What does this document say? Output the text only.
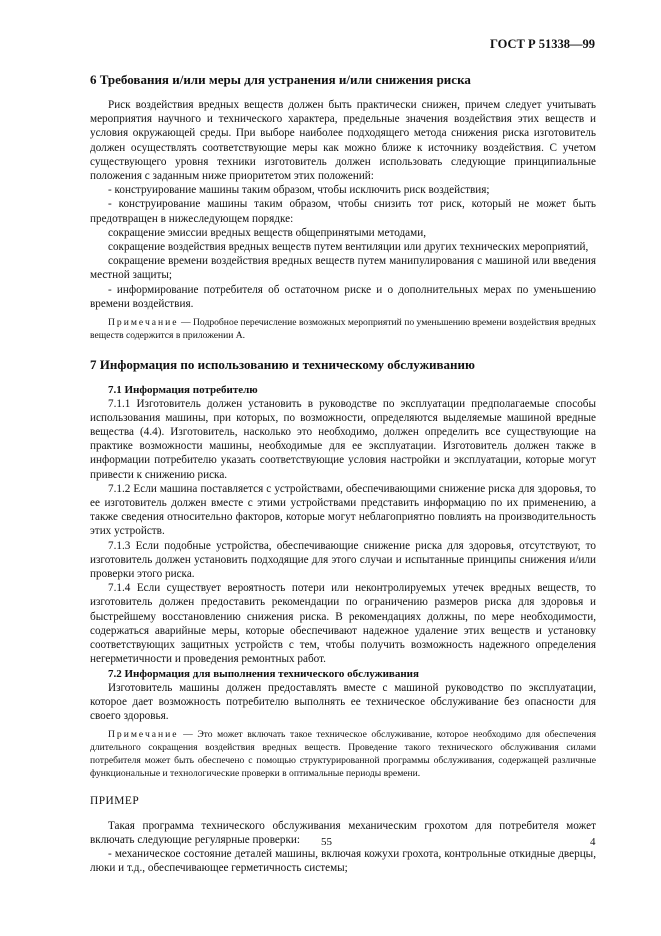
ГОСТ Р 51338—99
6 Требования и/или меры для устранения и/или снижения риска

Риск воздействия вредных веществ должен быть практически снижен, причем следует учитывать мероприятия научного и технического характера, предельные значения воздействия этих веществ и условия окружающей среды. При выборе наиболее подходящего метода снижения риска изготовитель должен осуществлять соответствующие меры как можно ближе к источнику воздействия. С учетом существующего уровня техники изготовитель должен использовать следующие принципиальные положения с заданным ниже приоритетом этих положений:

- конструирование машины таким образом, чтобы исключить риск воздействия;

- конструирование машины таким образом, чтобы снизить тот риск, который не может быть предотвращен в нижеследующем порядке:

сокращение эмиссии вредных веществ общепринятыми методами,

сокращение воздействия вредных веществ путем вентиляции или других технических мероприятий,

сокращение времени воздействия вредных веществ путем манипулирования с машиной или введения местной защиты;

- информирование потребителя об остаточном риске и о дополнительных мерах по уменьшению времени воздействия.

Примечание — Подробное перечисление возможных мероприятий по уменьшению времени воздействия вредных веществ содержится в приложении А.

7 Информация по использованию и техническому обслуживанию
7.1 Информация потребителю

7.1.1 Изготовитель должен установить в руководстве по эксплуатации предполагаемые способы использования машины, при которых, по возможности, определяются выделяемые машиной вредные вещества (4.4). Изготовитель, насколько это необходимо, должен определить все существующие на практике возможности машины, необходимые для ее эксплуатации. Изготовитель должен также в информации потребителю указать соответствующие условия настройки и эксплуатации, которые могут привести к снижению риска.

7.1.2 Если машина поставляется с устройствами, обеспечивающими снижение риска для здоровья, то ее изготовитель должен вместе с этими устройствами представить информацию по их применению, а также сведения относительно факторов, которые могут неблагоприятно повлиять на производительность этих устройств.

7.1.3 Если подобные устройства, обеспечивающие снижение риска для здоровья, отсутствуют, то изготовитель должен установить подходящие для этого случаи и испытанные принципы снижения и/или проверки этого риска.

7.1.4 Если существует вероятность потери или неконтролируемых утечек вредных веществ, то изготовитель должен предоставить рекомендации по ограничению размеров риска для здоровья и быстрейшему восстановлению снижения риска. В рекомендациях должны, по мере необходимости, содержаться аварийные меры, которые обеспечивают надежное удаление этих веществ и установку соответствующих защитных устройств с тем, чтобы получить возможность надежного определения негерметичности и проведения ремонтных работ.

7.2 Информация для выполнения технического обслуживания

Изготовитель машины должен предоставлять вместе с машиной руководство по эксплуатации, которое дает возможность потребителю выполнять ее техническое обслуживание без опасности для своего здоровья.

Примечание — Это может включать такое техническое обслуживание, которое необходимо для обеспечения длительного сокращения воздействия вредных веществ. Проведение такого технического обслуживания силами потребителя может быть обеспечено с помощью структурированной программы обслуживания, содержащей различные функциональные и технологические проверки в оптимальные периоды времени.

ПРИМЕР

Такая программа технического обслуживания механическим грохотом для потребителя может включать следующие регулярные проверки:

- механическое состояние деталей машины, включая кожухи грохота, контрольные откидные дверцы, люки и т.д., обеспечивающее герметичность системы;

55	4
